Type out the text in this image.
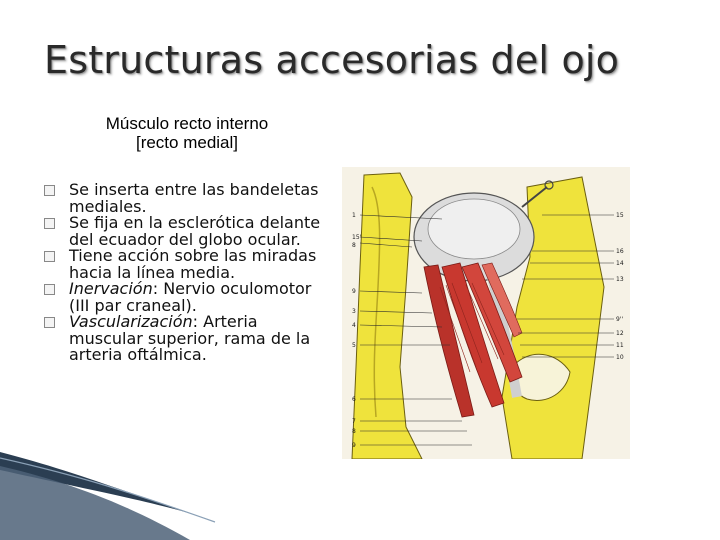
Estructuras accesorias del ojo
Músculo recto interno
[recto medial]
Se inserta entre las bandeletas mediales.
Se fija en la esclerótica delante del ecuador del globo ocular.
Tiene acción sobre las miradas hacia la línea media.
Inervación: Nervio oculomotor (III par craneal).
Vascularización: Arteria muscular superior, rama de la arteria oftálmica.
1
15'
8
9
3
4
5
6
7
8
9
15
16
14
13
9''
12
11
10
